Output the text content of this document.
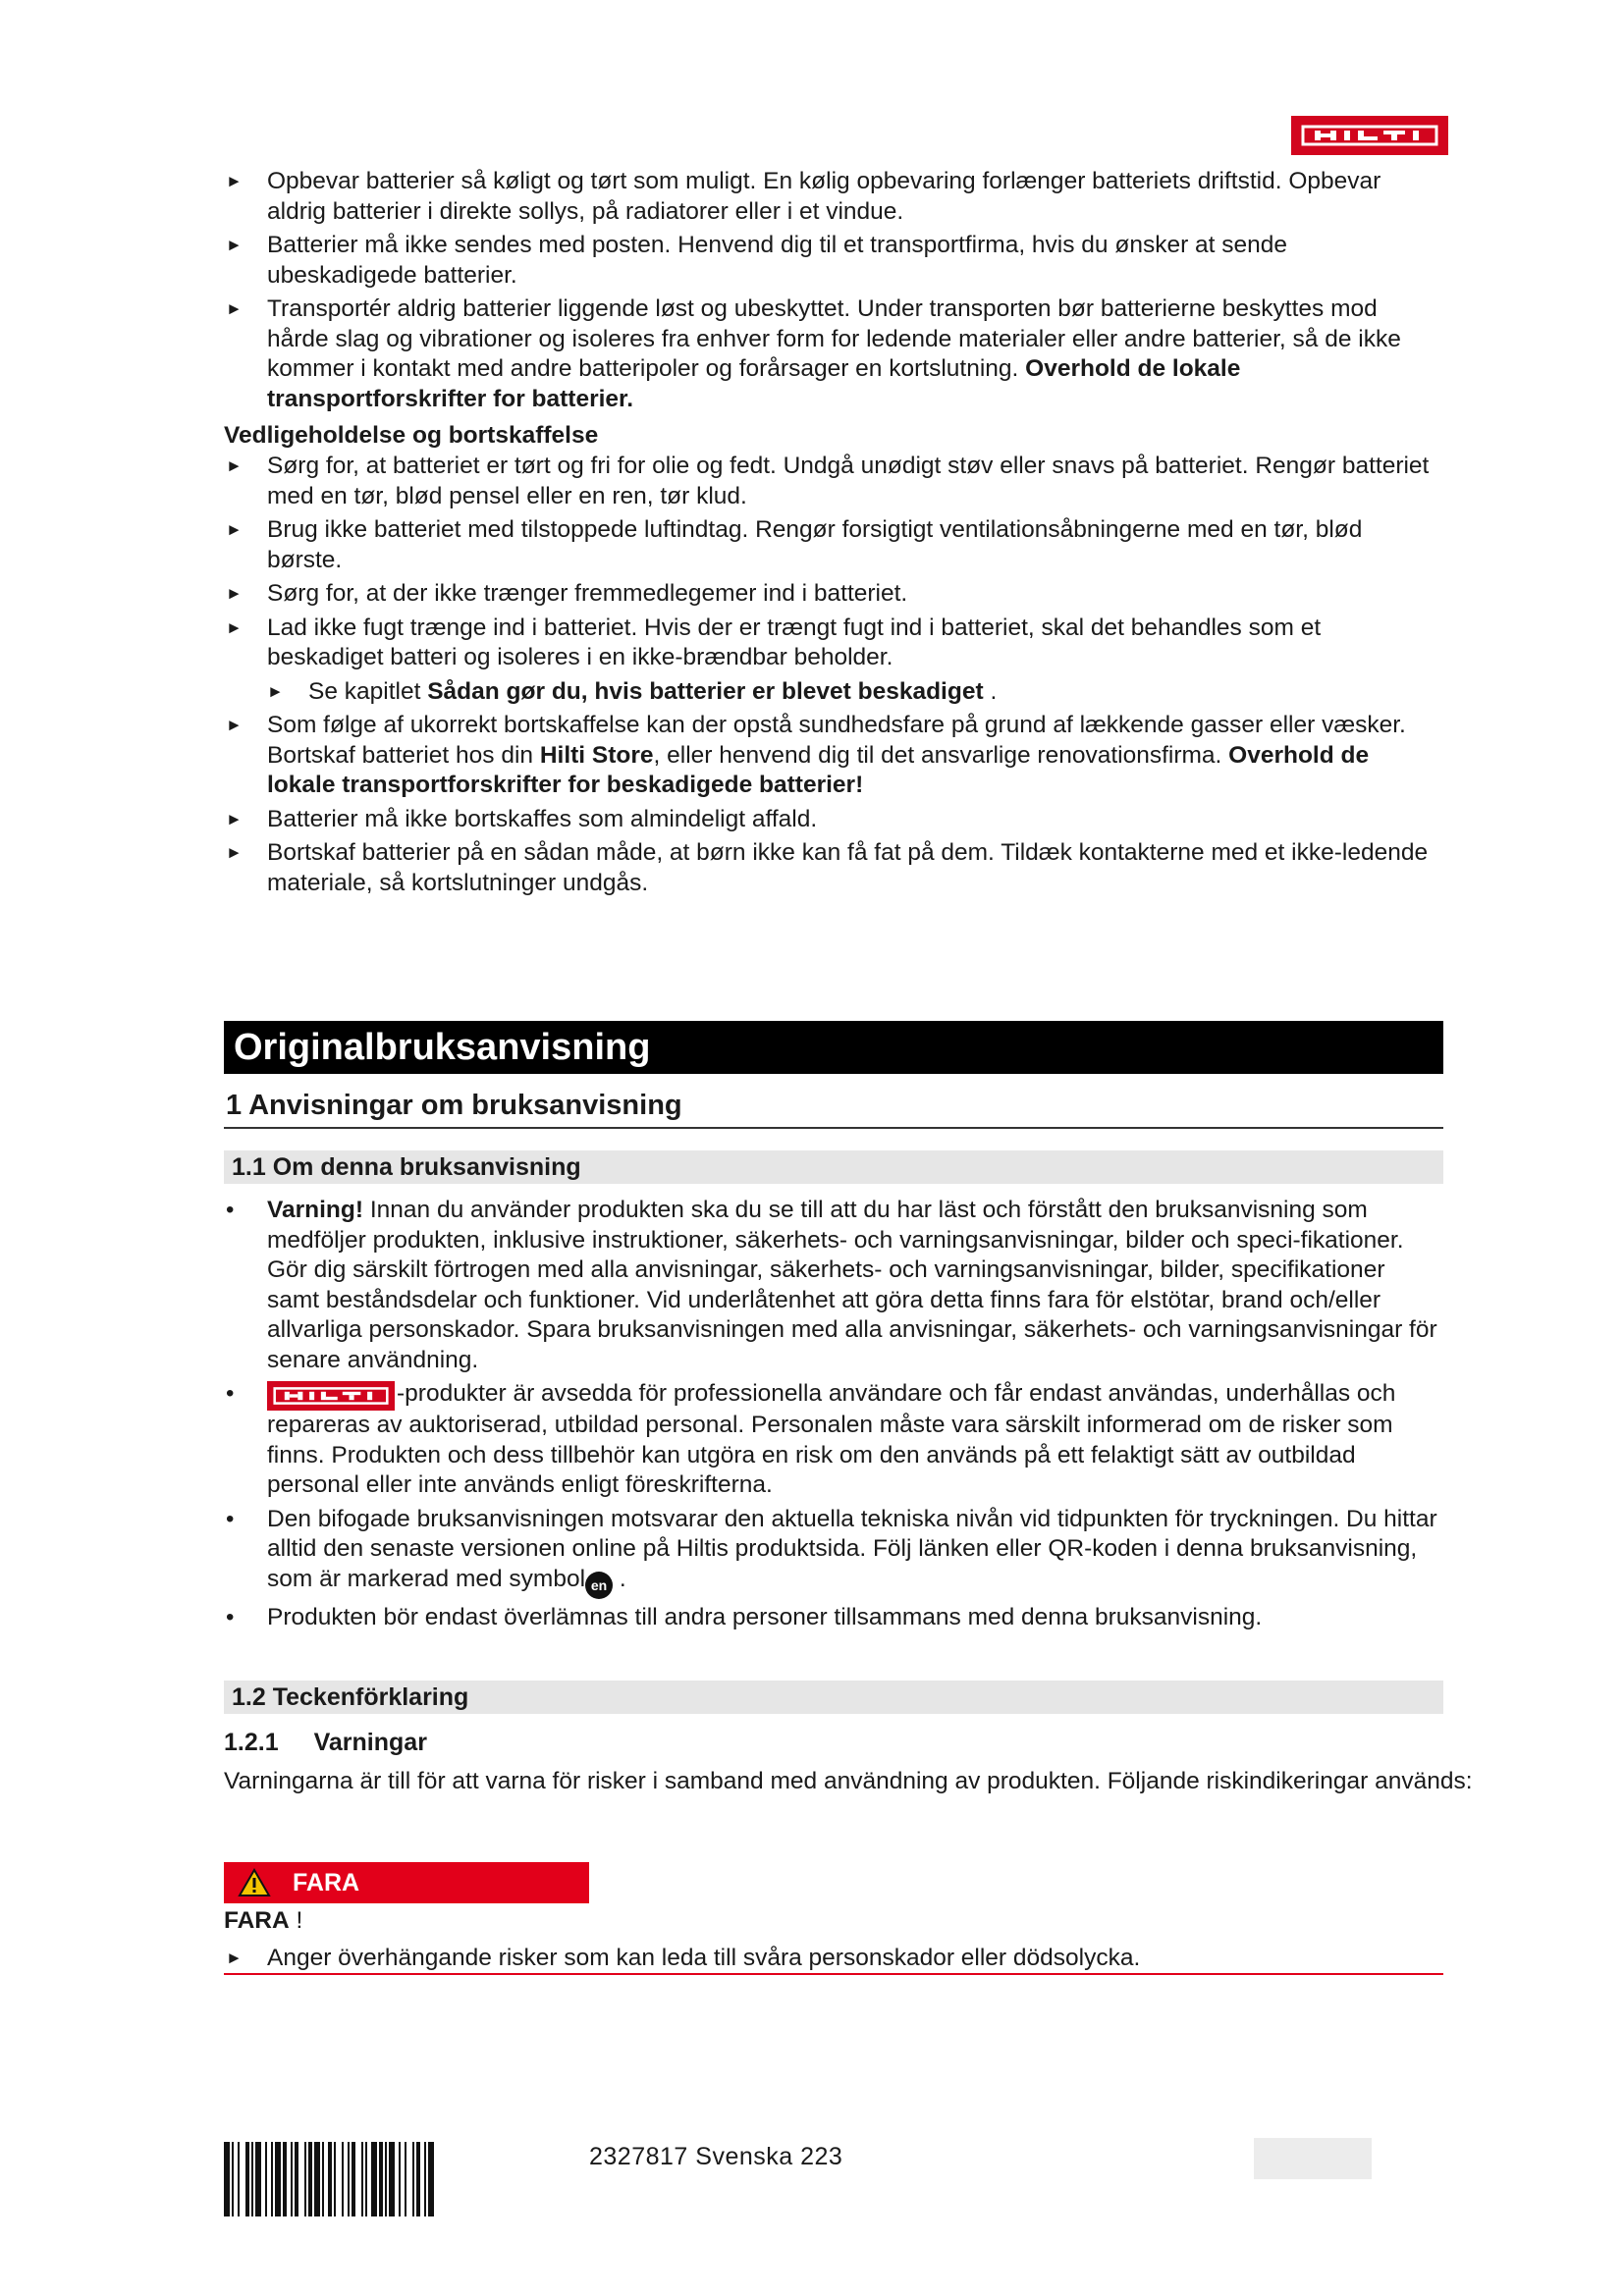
► Opbevar batterier så køligt og tørt som muligt. En kølig opbevaring forlænger batteriets driftstid. Opbevar aldrig batterier i direkte sollys, på radiatorer eller i et vindue.
► Batterier må ikke sendes med posten. Henvend dig til et transportfirma, hvis du ønsker at sende ubeskadigede batterier.
► Transportér aldrig batterier liggende løst og ubeskyttet. Under transporten bør batterierne beskyttes mod hårde slag og vibrationer og isoleres fra enhver form for ledende materialer eller andre batterier, så de ikke kommer i kontakt med andre batteripoler og forårsager en kortslutning. Overhold de lokale transportforskrifter for batterier.
Vedligeholdelse og bortskaffelse
► Sørg for, at batteriet er tørt og fri for olie og fedt. Undgå unødigt støv eller snavs på batteriet. Rengør batteriet med en tør, blød pensel eller en ren, tør klud.
► Brug ikke batteriet med tilstoppede luftindtag. Rengør forsigtigt ventilationsåbningerne med en tør, blød børste.
► Sørg for, at der ikke trænger fremmedlegemer ind i batteriet.
► Lad ikke fugt trænge ind i batteriet. Hvis der er trængt fugt ind i batteriet, skal det behandles som et beskadiget batteri og isoleres i en ikke-brændbar beholder.
► Se kapitlet Sådan gør du, hvis batterier er blevet beskadiget .
► Som følge af ukorrekt bortskaffelse kan der opstå sundhedsfare på grund af lækkende gasser eller væsker. Bortskaf batteriet hos din Hilti Store, eller henvend dig til det ansvarlige renovationsfirma. Overhold de lokale transportforskrifter for beskadigede batterier!
► Batterier må ikke bortskaffes som almindeligt affald.
► Bortskaf batterier på en sådan måde, at børn ikke kan få fat på dem. Tildæk kontakterne med et ikke-ledende materiale, så kortslutninger undgås.
Originalbruksanvisning
1 Anvisningar om bruksanvisning
1.1 Om denna bruksanvisning
• Varning! Innan du använder produkten ska du se till att du har läst och förstått den bruksanvisning som medföljer produkten, inklusive instruktioner, säkerhets- och varningsanvisningar, bilder och speci-fikationer. Gör dig särskilt förtrogen med alla anvisningar, säkerhets- och varningsanvisningar, bilder, specifikationer samt beståndsdelar och funktioner. Vid underlåtenhet att göra detta finns fara för elstötar, brand och/eller allvarliga personskador. Spara bruksanvisningen med alla anvisningar, säkerhets- och varningsanvisningar för senare användning.
•	-produkter är avsedda för professionella användare och får endast användas, underhållas och repareras av auktoriserad, utbildad personal. Personalen måste vara särskilt informerad om de risker som finns. Produkten och dess tillbehör kan utgöra en risk om den används på ett felaktigt sätt av outbildad personal eller inte används enligt föreskrifterna.
• Den bifogade bruksanvisningen motsvarar den aktuella tekniska nivån vid tidpunkten för tryckningen. Du hittar alltid den senaste versionen online på Hiltis produktsida. Följ länken eller QR-koden i denna bruksanvisning, som är markerad med symbol en .
• Produkten bör endast överlämnas till andra personer tillsammans med denna bruksanvisning.
1.2 Teckenförklaring
1.2.1 Varningar
Varningarna är till för att varna för risker i samband med användning av produkten. Följande riskindikeringar används:
FARA
FARA !
► Anger överhängande risker som kan leda till svåra personskador eller dödsolycka.
2327817 Svenska 223
